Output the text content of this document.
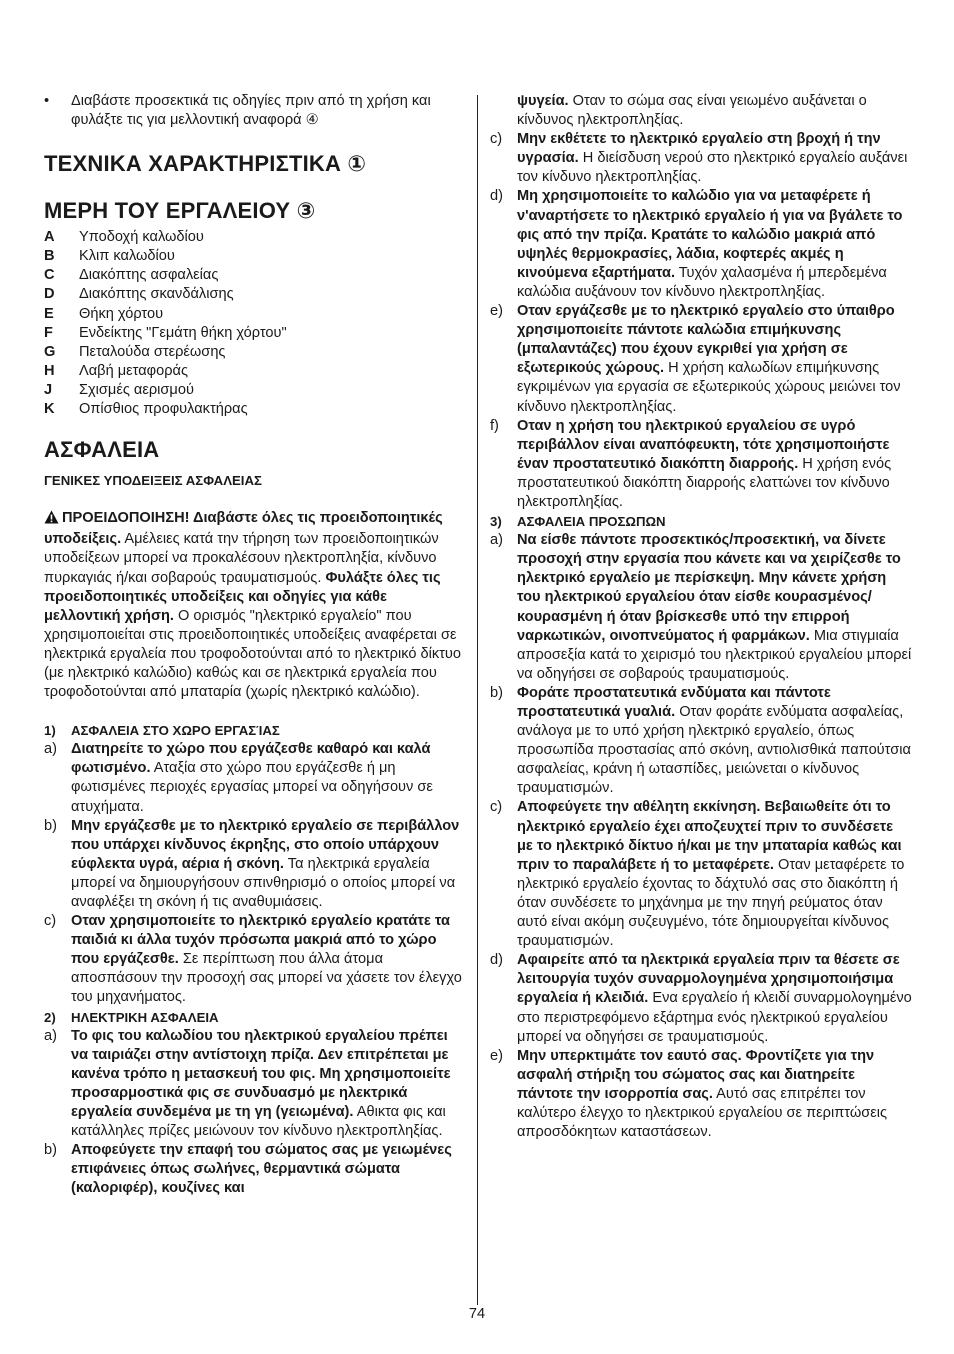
•	Διαβάστε προσεκτικά τις οδηγίες πριν από τη χρήση και φυλάξτε τις για μελλοντική αναφορά ④
ΤΕΧΝΙΚΑ ΧΑΡΑΚΤΗΡΙΣΤΙΚΑ ①
ΜΕΡΗ ΤΟΥ ΕΡΓΑΛΕΙΟΥ ③
A	Υποδοχή καλωδίου
B	Κλιπ καλωδίου
C	Διακόπτης ασφαλείας
D	Διακόπτης σκανδάλισης
E	Θήκη χόρτου
F	Ενδείκτης "Γεμάτη θήκη χόρτου"
G	Πεταλούδα στερέωσης
H	Λαβή μεταφοράς
J	Σχισμές αερισμού
K	Οπίσθιος προφυλακτήρας
ΑΣΦΑΛΕΙΑ
ΓΕΝΙΚΕΣ ΥΠΟΔΕΙΞΕΙΣ ΑΣΦΑΛΕΙΑΣ

ΠΡΟΕΙΔΟΠΟΙΗΣΗ! Διαβάστε όλες τις προειδοποιητικές υποδείξεις. Αμέλειες κατά την τήρηση των προειδοποιητικών υποδείξεων μπορεί να προκαλέσουν ηλεκτροπληξία, κίνδυνο πυρκαγιάς ή/και σοβαρούς τραυματισμούς. Φυλάξτε όλες τις προειδοποιητικές υποδείξεις και οδηγίες για κάθε μελλοντική χρήση. Ο ορισμός "ηλεκτρικό εργαλείο" που χρησιμοποιείται στις προειδοποιητικές υποδείξεις αναφέρεται σε ηλεκτρικά εργαλεία που τροφοδοτούνται από το ηλεκτρικό δίκτυο (με ηλεκτρικό καλώδιο) καθώς και σε ηλεκτρικά εργαλεία που τροφοδοτούνται από μπαταρία (χωρίς ηλεκτρικό καλώδιο).

1)	ΑΣΦΑΛΕΙΑ ΣΤΟ ΧΩΡΟ ΕΡΓΑΣΊΑΣ
a) Διατηρείτε το χώρο που εργάζεσθε καθαρό και καλά φωτισμένο. Αταξία στο χώρο που εργάζεσθε ή μη φωτισμένες περιοχές εργασίας μπορεί να οδηγήσουν σε ατυχήματα.
b) Μην εργάζεσθε με το ηλεκτρικό εργαλείο σε περιβάλλον που υπάρχει κίνδυνος έκρηξης, στο οποίο υπάρχουν εύφλεκτα υγρά, αέρια ή σκόνη. Τα ηλεκτρικά εργαλεία μπορεί να δημιουργήσουν σπινθηρισμό ο οποίος μπορεί να αναφλέξει τη σκόνη ή τις αναθυμιάσεις.
c)	Οταν χρησιμοποιείτε το ηλεκτρικό εργαλείο κρατάτε τα παιδιά κι άλλα τυχόν πρόσωπα μακριά από το χώρο που εργάζεσθε. Σε περίπτωση που άλλα άτομα αποσπάσουν την προσοχή σας μπορεί να χάσετε τον έλεγχο του μηχανήματος.
2)	ΗΛΕΚΤΡΙΚΗ ΑΣΦΑΛΕΙΑ
a) Το φις του καλωδίου του ηλεκτρικού εργαλείου πρέπει να ταιριάζει στην αντίστοιχη πρίζα. Δεν επιτρέπεται με κανένα τρόπο η μετασκευή του φις. Μη χρησιμοποιείτε προσαρμοστικά φις σε συνδυασμό με ηλεκτρικά εργαλεία συνδεμένα με τη γη (γειωμένα). Αθικτα φις και κατάλληλες πρίζες μειώνουν τον κίνδυνο ηλεκτροπληξίας.
b) Αποφεύγετε την επαφή του σώματος σας με γειωμένες επιφάνειες όπως σωλήνες, θερμαντικά σώματα (καλοριφέρ), κουζίνες και
ψυγεία. Οταν το σώμα σας είναι γειωμένο αυξάνεται ο κίνδυνος ηλεκτροπληξίας.
c)	Μην εκθέτετε το ηλεκτρικό εργαλείο στη βροχή ή την υγρασία. Η διείσδυση νερού στο ηλεκτρικό εργαλείο αυξάνει τον κίνδυνο ηλεκτροπληξίας.
d) Μη χρησιμοποιείτε το καλώδιο για να μεταφέρετε ή ν'αναρτήσετε το ηλεκτρικό εργαλείο ή για να βγάλετε το φις από την πρίζα. Κρατάτε το καλώδιο μακριά από υψηλές θερμοκρασίες, λάδια, κοφτερές ακμές η κινούμενα εξαρτήματα. Τυχόν χαλασμένα ή μπερδεμένα καλώδια αυξάνουν τον κίνδυνο ηλεκτροπληξίας.
e) Οταν εργάζεσθε με το ηλεκτρικό εργαλείο στο ύπαιθρο χρησιμοποιείτε πάντοτε καλώδια επιμήκυνσης (μπαλαντάζες) που έχουν εγκριθεί για χρήση σε εξωτερικούς χώρους. Η χρήση καλωδίων επιμήκυνσης εγκριμένων για εργασία σε εξωτερικούς χώρους μειώνει τον κίνδυνο ηλεκτροπληξίας.
f)	Οταν η χρήση του ηλεκτρικού εργαλείου σε υγρό περιβάλλον είναι αναπόφευκτη, τότε χρησιμοποιήστε έναν προστατευτικό διακόπτη διαρροής. Η χρήση ενός προστατευτικού διακόπτη διαρροής ελαττώνει τον κίνδυνο ηλεκτροπληξίας.
3)	ΑΣΦΑΛΕΙΑ ΠΡΟΣΩΠΩΝ
a) Να είσθε πάντοτε προσεκτικός/προσεκτική, να δίνετε προσοχή στην εργασία που κάνετε και να χειρίζεσθε το ηλεκτρικό εργαλείο με περίσκεψη. Μην κάνετε χρήση του ηλεκτρικού εργαλείου όταν είσθε κουρασμένος/κουρασμένη ή όταν βρίσκεσθε υπό την επιρροή ναρκωτικών, οινοπνεύματος ή φαρμάκων. Μια στιγμιαία απροσεξία κατά το χειρισμό του ηλεκτρικού εργαλείου μπορεί να οδηγήσει σε σοβαρούς τραυματισμούς.
b) Φοράτε προστατευτικά ενδύματα και πάντοτε προστατευτικά γυαλιά. Οταν φοράτε ενδύματα ασφαλείας, ανάλογα με το υπό χρήση ηλεκτρικό εργαλείο, όπως προσωπίδα προστασίας από σκόνη, αντιολισθικά παπούτσια ασφαλείας, κράνη ή ωτασπίδες, μειώνεται ο κίνδυνος τραυματισμών.
c)	Αποφεύγετε την αθέλητη εκκίνηση. Βεβαιωθείτε ότι το ηλεκτρικό εργαλείο έχει αποζευχτεί πριν το συνδέσετε με το ηλεκτρικό δίκτυο ή/και με την μπαταρία καθώς και πριν το παραλάβετε ή το μεταφέρετε. Οταν μεταφέρετε το ηλεκτρικό εργαλείο έχοντας το δάχτυλό σας στο διακόπτη ή όταν συνδέσετε το μηχάνημα με την πηγή ρεύματος όταν αυτό είναι ακόμη συζευγμένο, τότε δημιουργείται κίνδυνος τραυματισμών.
d) Αφαιρείτε από τα ηλεκτρικά εργαλεία πριν τα θέσετε σε λειτουργία τυχόν συναρμολογημένα χρησιμοποιήσιμα εργαλεία ή κλειδιά. Ενα εργαλείο ή κλειδί συναρμολογημένο στο περιστρεφόμενο εξάρτημα ενός ηλεκτρικού εργαλείου μπορεί να οδηγήσει σε τραυματισμούς.
e) Μην υπερκτιμάτε τον εαυτό σας. Φροντίζετε για την ασφαλή στήριξη του σώματος σας και διατηρείτε πάντοτε την ισορροπία σας. Αυτό σας επιτρέπει τον καλύτερο έλεγχο το ηλεκτρικού εργαλείου σε περιπτώσεις απροσδόκητων καταστάσεων.
74
